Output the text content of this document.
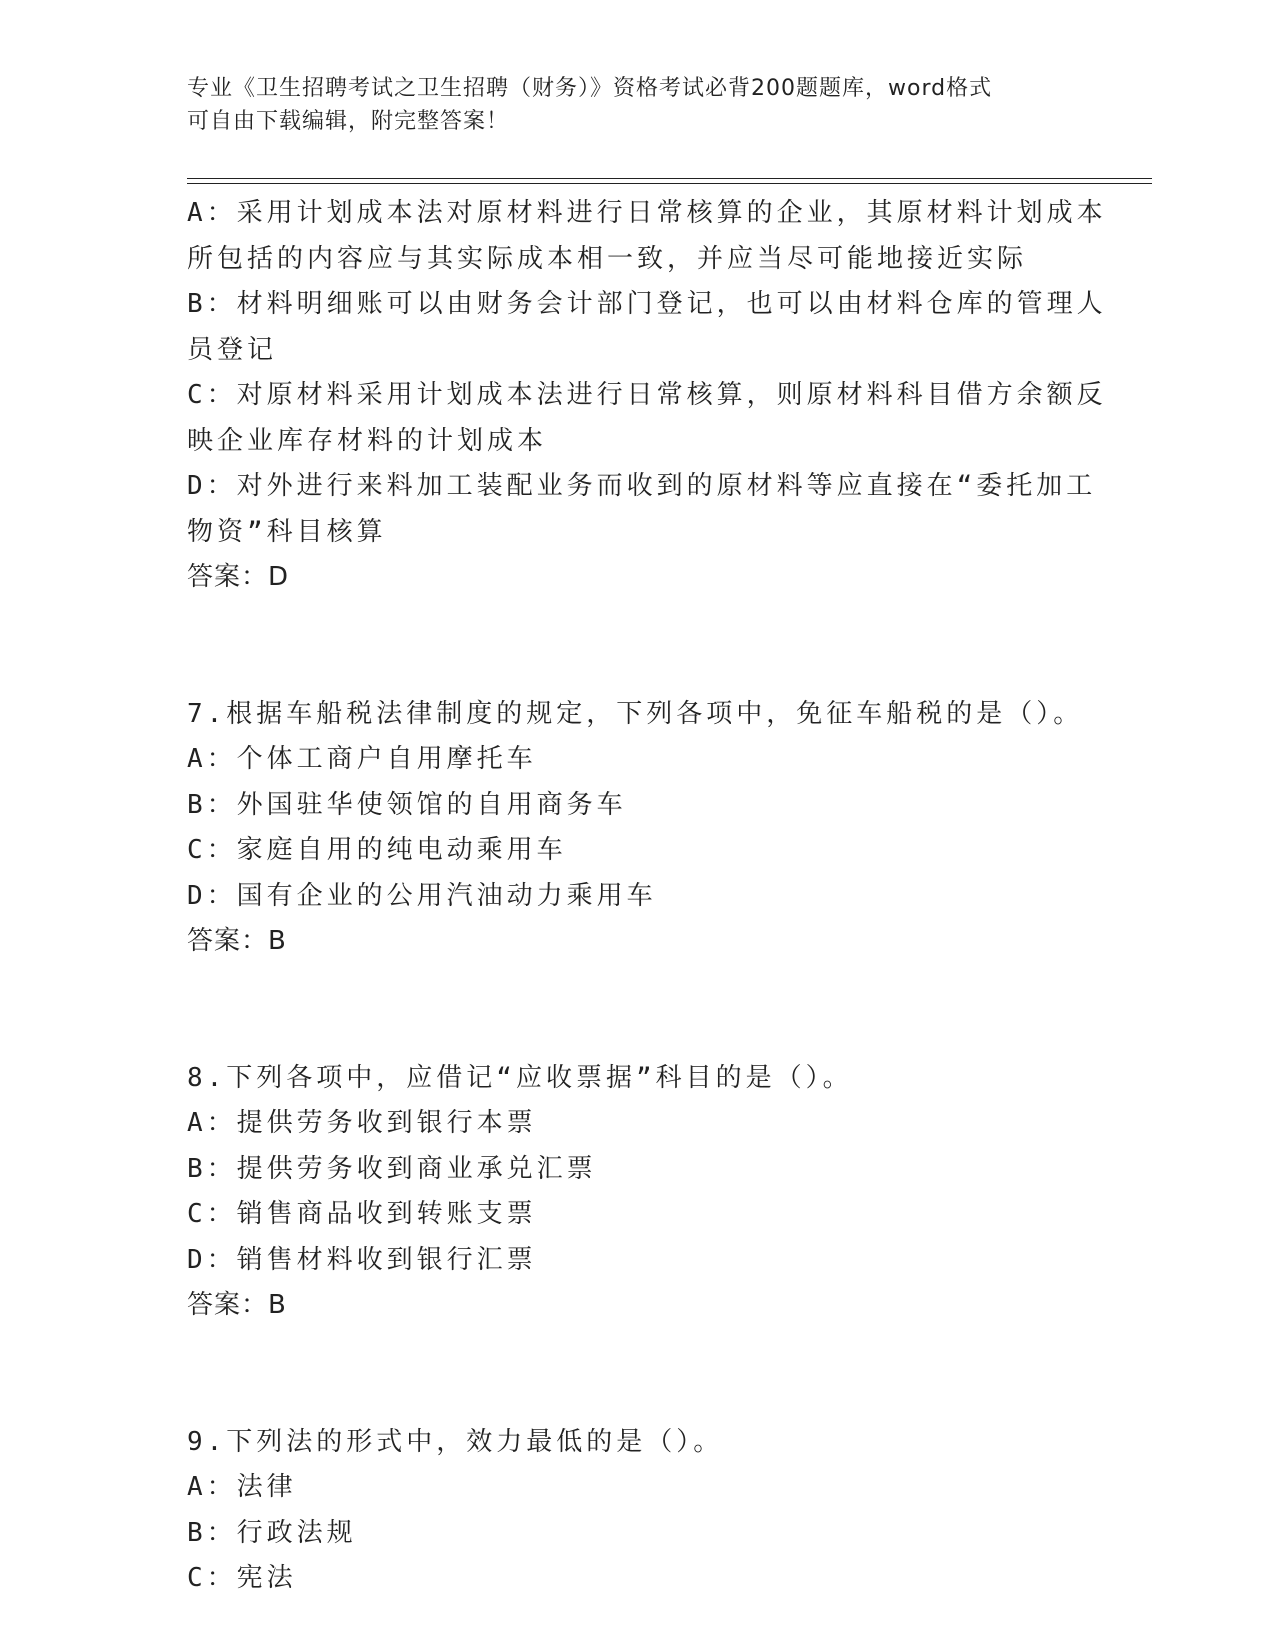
专业《卫生招聘考试之卫生招聘（财务）》资格考试必背200题题库，word格式
可自由下载编辑，附完整答案！
A：采用计划成本法对原材料进行日常核算的企业，其原材料计划成本
所包括的内容应与其实际成本相一致，并应当尽可能地接近实际
B：材料明细账可以由财务会计部门登记，也可以由材料仓库的管理人
员登记
C：对原材料采用计划成本法进行日常核算，则原材料科目借方余额反
映企业库存材料的计划成本
D：对外进行来料加工装配业务而收到的原材料等应直接在“委托加工
物资”科目核算
答案：D
7.根据车船税法律制度的规定，下列各项中，免征车船税的是（）。
A：个体工商户自用摩托车
B：外国驻华使领馆的自用商务车
C：家庭自用的纯电动乘用车
D：国有企业的公用汽油动力乘用车
答案：B
8.下列各项中，应借记“应收票据”科目的是（）。
A：提供劳务收到银行本票
B：提供劳务收到商业承兑汇票
C：销售商品收到转账支票
D：销售材料收到银行汇票
答案：B
9.下列法的形式中，效力最低的是（）。
A：法律
B：行政法规
C：宪法
